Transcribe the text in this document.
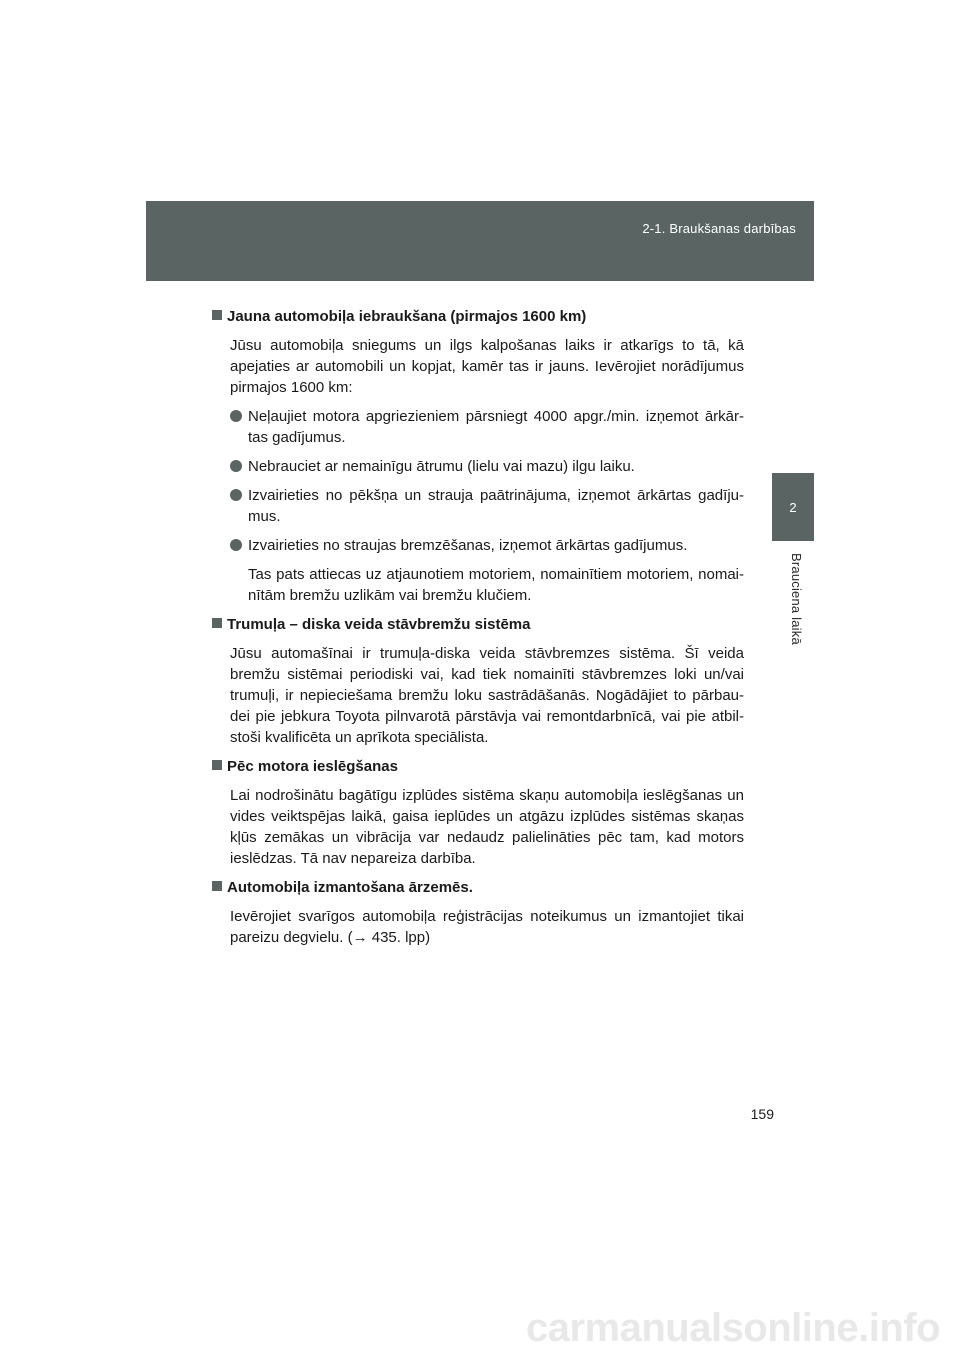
2-1. Braukšanas darbības
2
Brauciena laikā
Jauna automobiļa iebraukšana (pirmajos 1600 km)

Jūsu automobiļa sniegums un ilgs kalpošanas laiks ir atkarīgs to tā, kā apejaties ar automobili un kopjat, kamēr tas ir jauns. Ievērojiet norādījumus pirmajos 1600 km:

Neļaujiet motora apgriezieniem pārsniegt 4000 apgr./min. izņemot ārkār-tas gadījumus.
Nebrauciet ar nemainīgu ātrumu (lielu vai mazu) ilgu laiku.
Izvairieties no pēkšņa un strauja paātrinājuma, izņemot ārkārtas gadīju-mus.
Izvairieties no straujas bremzēšanas, izņemot ārkārtas gadījumus.

Tas pats attiecas uz atjaunotiem motoriem, nomainītiem motoriem, nomai-nītām bremžu uzlikām vai bremžu klučiem.

Trumuļa – diska veida stāvbremžu sistēma

Jūsu automašīnai ir trumuļa-diska veida stāvbremzes sistēma. Šī veida bremžu sistēmai periodiski vai, kad tiek nomainīti stāvbremzes loki un/vai trumuļi, ir nepieciešama bremžu loku sastrādāšanās. Nogādājiet to pārbau-dei pie jebkura Toyota pilnvarotā pārstāvja vai remontdarbnīcā, vai pie atbil-stoši kvalificēta un aprīkota speciālista.

Pēc motora ieslēgšanas

Lai nodrošinātu bagātīgu izplūdes sistēma skaņu automobiļa ieslēgšanas un vides veiktspējas laikā, gaisa ieplūdes un atgāzu izplūdes sistēmas skaņas kļūs zemākas un vibrācija var nedaudz palielināties pēc tam, kad motors ieslēdzas. Tā nav nepareiza darbība.

Automobiļa izmantošana ārzemēs.

Ievērojiet svarīgos automobiļa reģistrācijas noteikumus un izmantojiet tikai pareizu degvielu. (→ 435. lpp)

159
carmanualsonline.info
